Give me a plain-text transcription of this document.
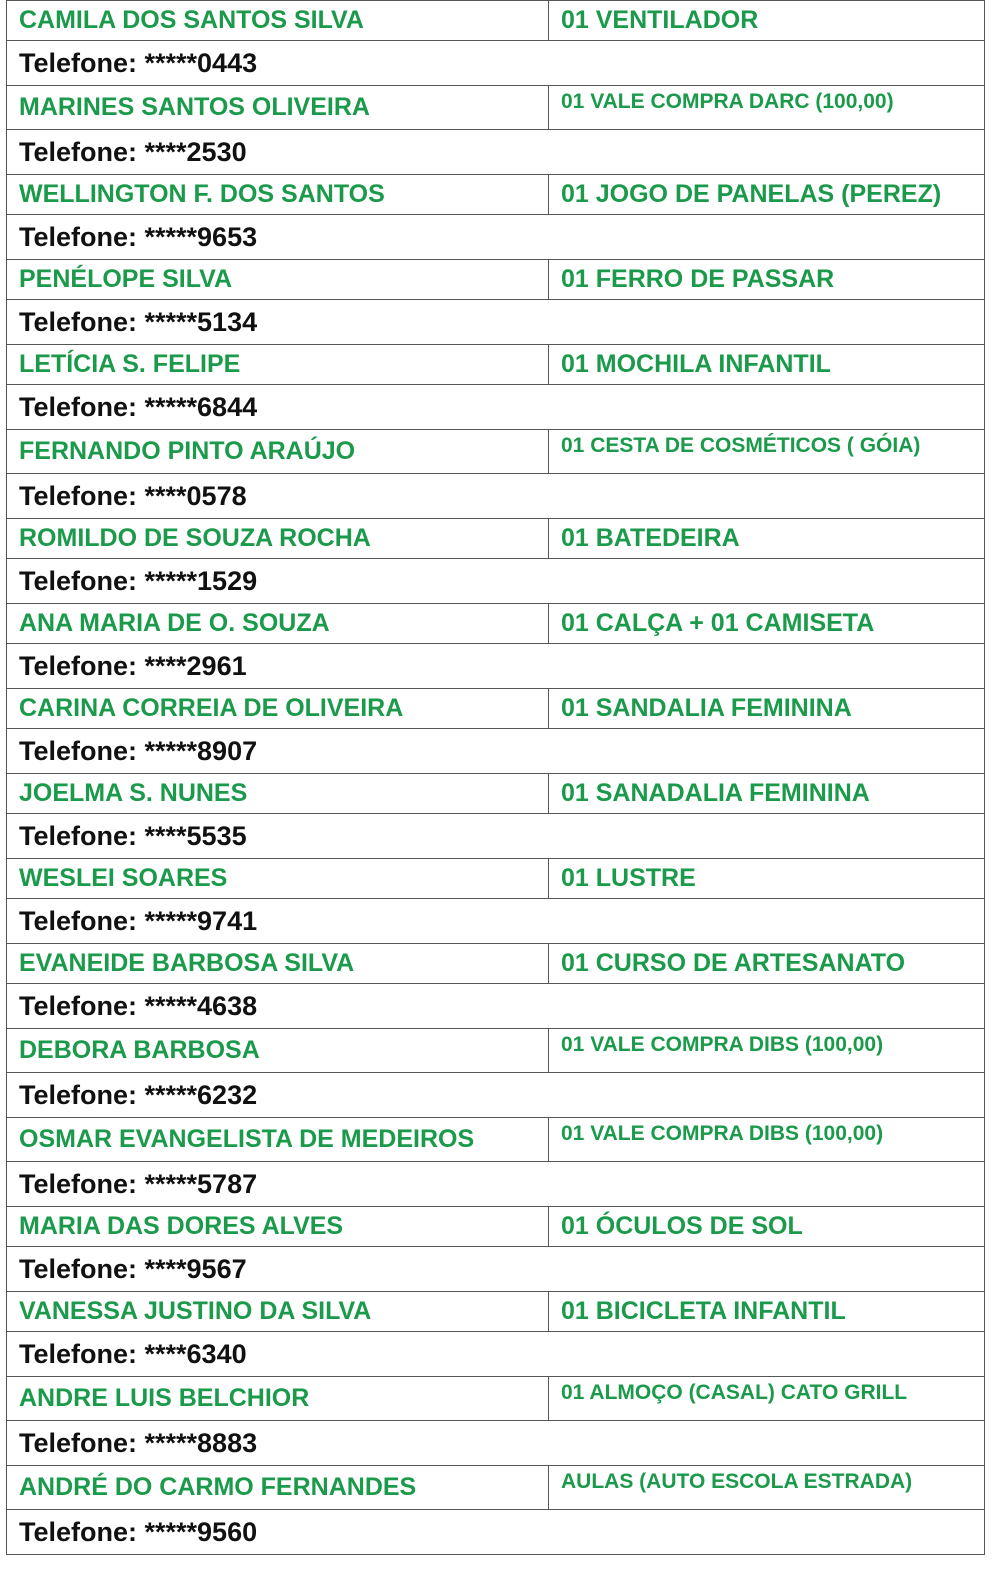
CAMILA DOS SANTOS SILVA	01 VENTILADOR
Telefone: *****0443	
MARINES SANTOS OLIVEIRA	01 VALE COMPRA DARC (100,00)
Telefone: ****2530	
WELLINGTON F. DOS SANTOS	01 JOGO DE PANELAS (PEREZ)
Telefone: *****9653	
PENÉLOPE SILVA	01 FERRO DE PASSAR
Telefone: *****5134	
LETÍCIA S. FELIPE	01 MOCHILA INFANTIL
Telefone: *****6844	
FERNANDO PINTO ARAÚJO	01 CESTA DE COSMÉTICOS ( GÓIA)
Telefone: ****0578	
ROMILDO DE SOUZA ROCHA	01 BATEDEIRA
Telefone: *****1529	
ANA MARIA DE O. SOUZA	01 CALÇA + 01 CAMISETA
Telefone: ****2961	
CARINA CORREIA DE OLIVEIRA	01 SANDALIA FEMININA
Telefone: *****8907	
JOELMA S. NUNES	01 SANADALIA FEMININA
Telefone: ****5535	
WESLEI SOARES	01 LUSTRE
Telefone: *****9741	
EVANEIDE BARBOSA SILVA	01 CURSO DE ARTESANATO
Telefone: *****4638	
DEBORA BARBOSA	01 VALE COMPRA DIBS (100,00)
Telefone: *****6232	
OSMAR EVANGELISTA DE MEDEIROS	01 VALE COMPRA DIBS (100,00)
Telefone: *****5787	
MARIA DAS DORES ALVES	01 ÓCULOS DE SOL
Telefone: ****9567	
VANESSA JUSTINO DA SILVA	01 BICICLETA INFANTIL
Telefone: ****6340	
ANDRE LUIS BELCHIOR	01 ALMOÇO (CASAL) CATO GRILL
Telefone: *****8883	
ANDRÉ DO CARMO FERNANDES	AULAS (AUTO ESCOLA ESTRADA)
Telefone: *****9560	
